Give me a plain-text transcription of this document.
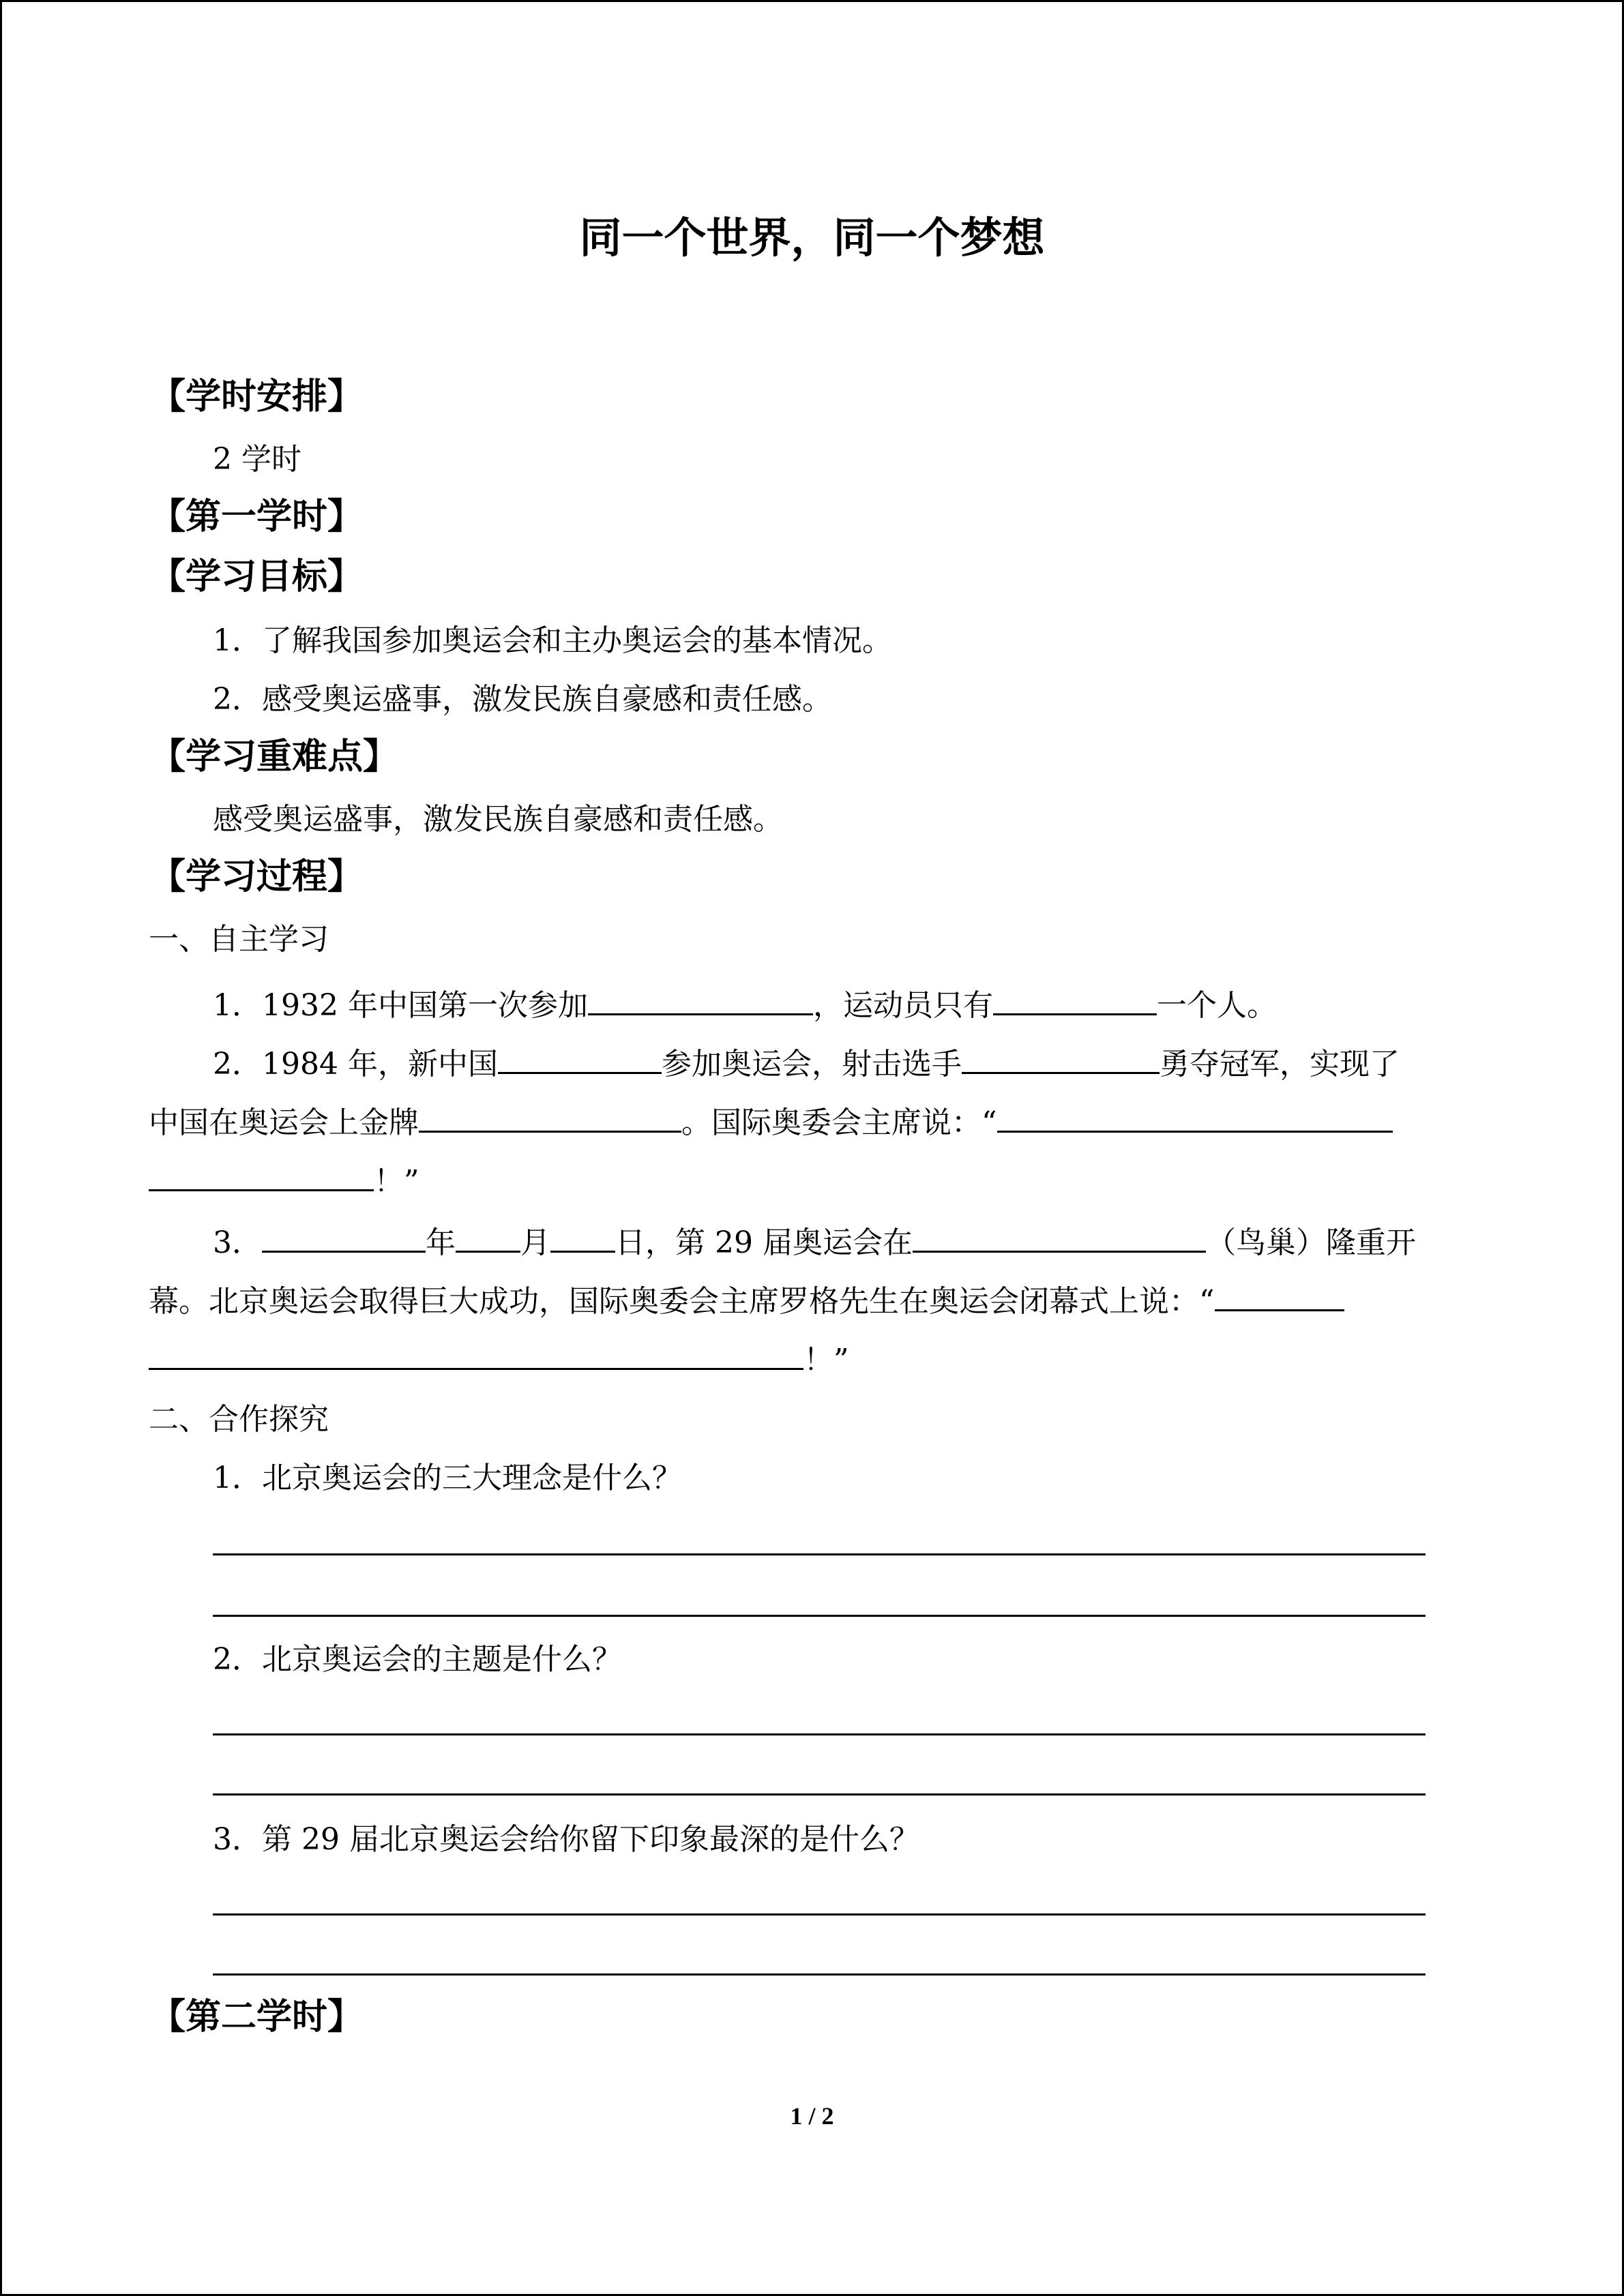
同一个世界，同一个梦想
【学时安排】
2 学时
【第一学时】
【学习目标】
1．了解我国参加奥运会和主办奥运会的基本情况。
2．感受奥运盛事，激发民族自豪感和责任感。
【学习重难点】
感受奥运盛事，激发民族自豪感和责任感。
【学习过程】
一、自主学习
1．1932 年中国第一次参加	，运动员只有	一个人。
2．1984 年，新中国	参加奥运会，射击选手	勇夺冠军，实现了
中国在奥运会上金牌	。国际奥委会主席说：“
！”
3．	年 月 日，第 29 届奥运会在	（鸟巢）隆重开
幕。北京奥运会取得巨大成功，国际奥委会主席罗格先生在奥运会闭幕式上说：“
！”
二、合作探究
1．北京奥运会的三大理念是什么？
2．北京奥运会的主题是什么？
3．第 29 届北京奥运会给你留下印象最深的是什么？
【第二学时】
1 / 2
